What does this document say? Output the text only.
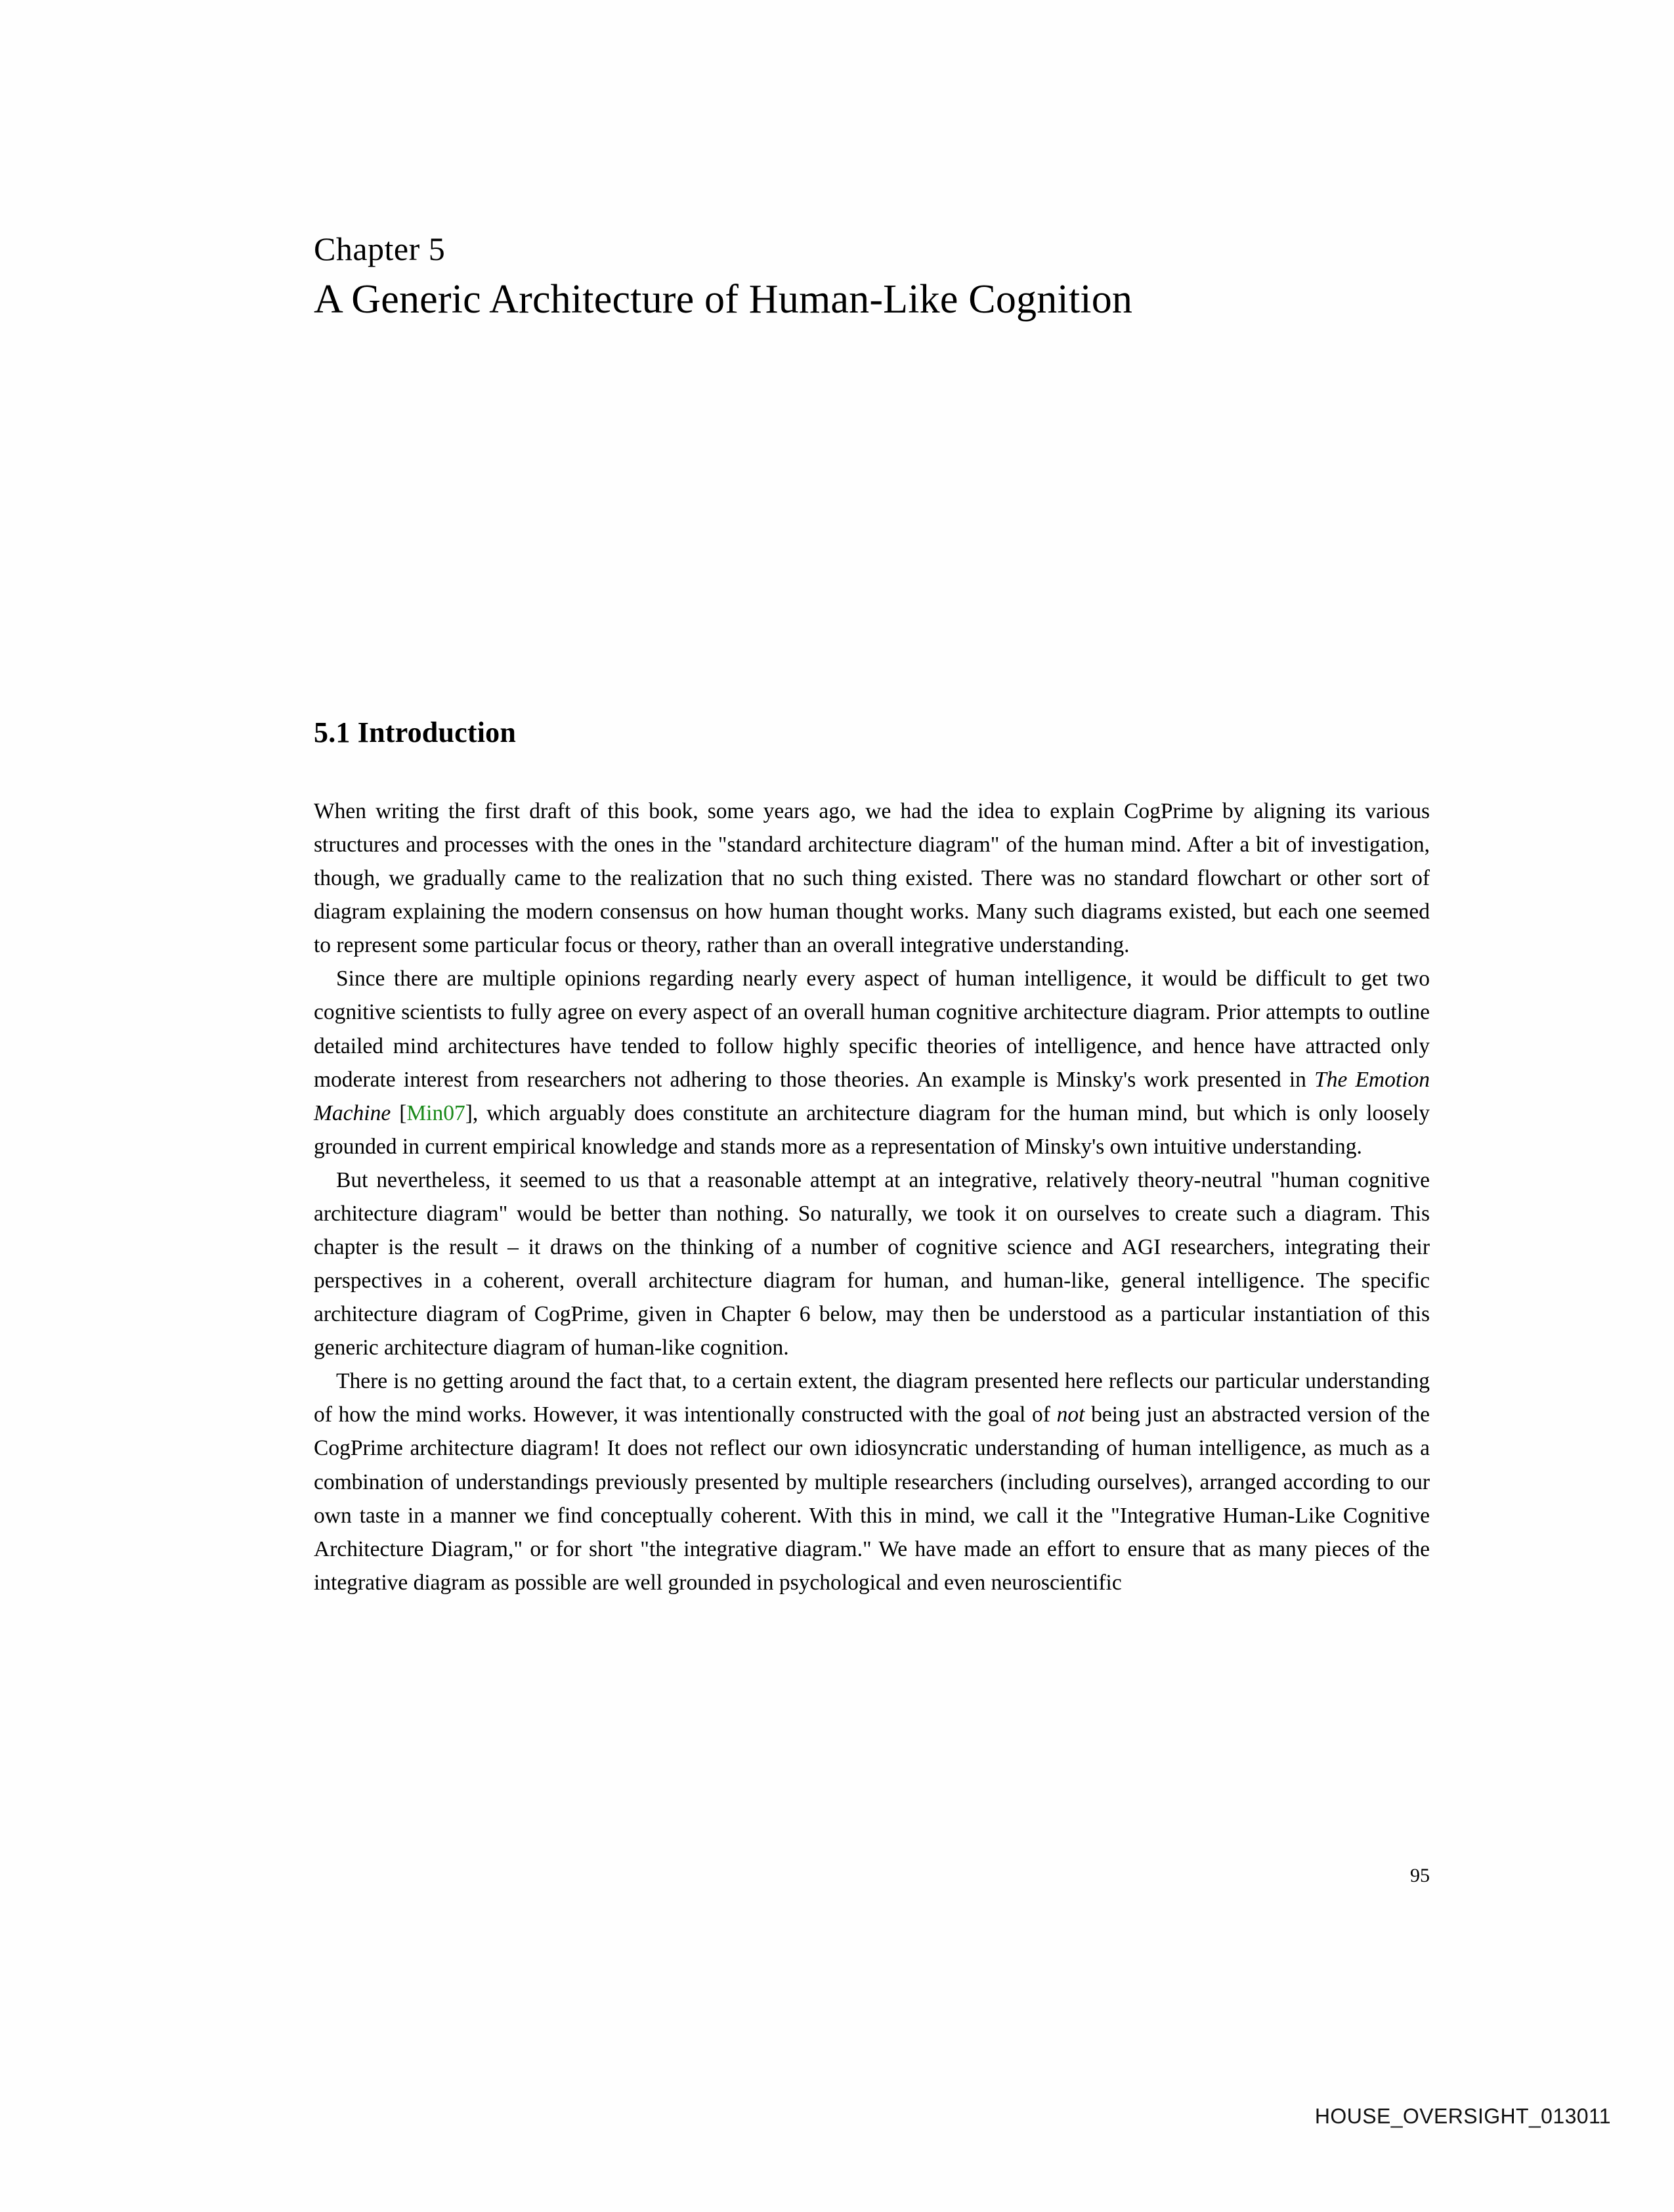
Chapter 5

A Generic Architecture of Human-Like Cognition
5.1 Introduction

When writing the first draft of this book, some years ago, we had the idea to explain CogPrime by aligning its various structures and processes with the ones in the "standard architecture diagram" of the human mind. After a bit of investigation, though, we gradually came to the realization that no such thing existed. There was no standard flowchart or other sort of diagram explaining the modern consensus on how human thought works. Many such diagrams existed, but each one seemed to represent some particular focus or theory, rather than an overall integrative understanding.

Since there are multiple opinions regarding nearly every aspect of human intelligence, it would be difficult to get two cognitive scientists to fully agree on every aspect of an overall human cognitive architecture diagram. Prior attempts to outline detailed mind architectures have tended to follow highly specific theories of intelligence, and hence have attracted only moderate interest from researchers not adhering to those theories. An example is Minsky's work presented in The Emotion Machine [Min07], which arguably does constitute an architecture diagram for the human mind, but which is only loosely grounded in current empirical knowledge and stands more as a representation of Minsky's own intuitive understanding.

But nevertheless, it seemed to us that a reasonable attempt at an integrative, relatively theory-neutral "human cognitive architecture diagram" would be better than nothing. So naturally, we took it on ourselves to create such a diagram. This chapter is the result – it draws on the thinking of a number of cognitive science and AGI researchers, integrating their perspectives in a coherent, overall architecture diagram for human, and human-like, general intelligence. The specific architecture diagram of CogPrime, given in Chapter 6 below, may then be understood as a particular instantiation of this generic architecture diagram of human-like cognition.

There is no getting around the fact that, to a certain extent, the diagram presented here reflects our particular understanding of how the mind works. However, it was intentionally constructed with the goal of not being just an abstracted version of the CogPrime architecture diagram! It does not reflect our own idiosyncratic understanding of human intelligence, as much as a combination of understandings previously presented by multiple researchers (including ourselves), arranged according to our own taste in a manner we find conceptually coherent. With this in mind, we call it the "Integrative Human-Like Cognitive Architecture Diagram," or for short "the integrative diagram." We have made an effort to ensure that as many pieces of the integrative diagram as possible are well grounded in psychological and even neuroscientific

95
HOUSE_OVERSIGHT_013011
